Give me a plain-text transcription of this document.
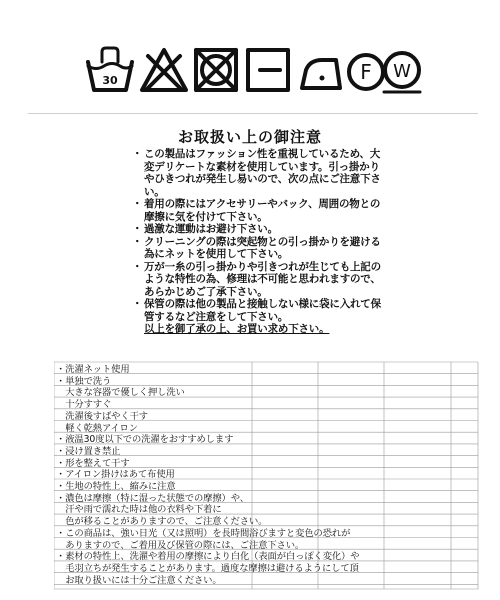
30	F W
お取扱い上の御注意

・ この製品はファッション性を重視しているため、大変デリケートな素材を使用しています。引っ掛かりやひきつれが発生し易いので、次の点にご注意下さい。

・ 着用の際にはアクセサリーやバック、周囲の物との摩擦に気を付けて下さい。

・ 過激な運動はお避け下さい。

・ クリーニングの際は突起物との引っ掛かりを避ける為にネットを使用して下さい。

・ 万が一糸の引っ掛かりや引きつれが生じても上記のような特性の為、修理は不可能と思われますので、あらかじめご了承下さい。

・ 保管の際は他の製品と接触しない様に袋に入れて保管するなど注意をして下さい。

以上を御了承の上、お買い求め下さい。

・洗濯ネット使用
・単独で洗う
　大きな容器で優しく押し洗い
　十分すすぐ
　洗濯後すばやく干す
　軽く乾熱アイロン
・液温30度以下での洗濯をおすすめします
・浸け置き禁止
・形を整えて干す
・アイロン掛けはあて布使用
・生地の特性上、縮みに注意
・濃色は摩擦（特に湿った状態での摩擦）や、
　汗や雨で濡れた時は他の衣料や下着に
　色が移ることがありますので、ご注意ください。
・この商品は、強い日光（又は照明）を長時間浴びますと変色の恐れが
　ありますので、ご着用及び保管の際には、ご注意下さい。
・素材の特性上、洗濯や着用の摩擦により白化（表面が白っぽく変化）や
　毛羽立ちが発生することがあります。過度な摩擦は避けるようにして頂
　お取り扱いには十分ご注意ください。
